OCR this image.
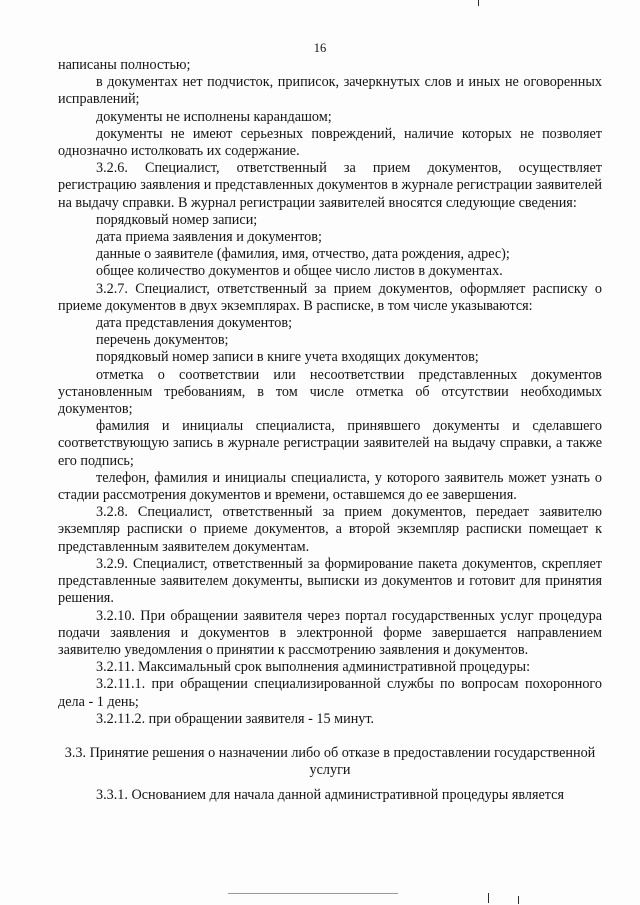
16

написаны полностью;

в документах нет подчисток, приписок, зачеркнутых слов и иных не оговоренных исправлений;

документы не исполнены карандашом;

документы не имеют серьезных повреждений, наличие которых не позволяет однозначно истолковать их содержание.

3.2.6. Специалист, ответственный за прием документов, осуществляет регистрацию заявления и представленных документов в журнале регистрации заявителей на выдачу справки. В журнал регистрации заявителей вносятся следующие сведения:

порядковый номер записи;

дата приема заявления и документов;

данные о заявителе (фамилия, имя, отчество, дата рождения, адрес);

общее количество документов и общее число листов в документах.

3.2.7. Специалист, ответственный за прием документов, оформляет расписку о приеме документов в двух экземплярах. В расписке, в том числе указываются:

дата представления документов;

перечень документов;

порядковый номер записи в книге учета входящих документов;

отметка о соответствии или несоответствии представленных документов установленным требованиям, в том числе отметка об отсутствии необходимых документов;

фамилия и инициалы специалиста, принявшего документы и сделавшего соответствующую запись в журнале регистрации заявителей на выдачу справки, а также его подпись;

телефон, фамилия и инициалы специалиста, у которого заявитель может узнать о стадии рассмотрения документов и времени, оставшемся до ее завершения.

3.2.8. Специалист, ответственный за прием документов, передает заявителю экземпляр расписки о приеме документов, а второй экземпляр расписки помещает к представленным заявителем документам.

3.2.9. Специалист, ответственный за формирование пакета документов, скрепляет представленные заявителем документы, выписки из документов и готовит для принятия решения.

3.2.10. При обращении заявителя через портал государственных услуг процедура подачи заявления и документов в электронной форме завершается направлением заявителю уведомления о принятии к рассмотрению заявления и документов.

3.2.11. Максимальный срок выполнения административной процедуры:

3.2.11.1. при обращении специализированной службы по вопросам похоронного дела - 1 день;

3.2.11.2. при обращении заявителя - 15 минут.

3.3. Принятие решения о назначении либо об отказе в предоставлении государственной услуги

3.3.1. Основанием для начала данной административной процедуры является
